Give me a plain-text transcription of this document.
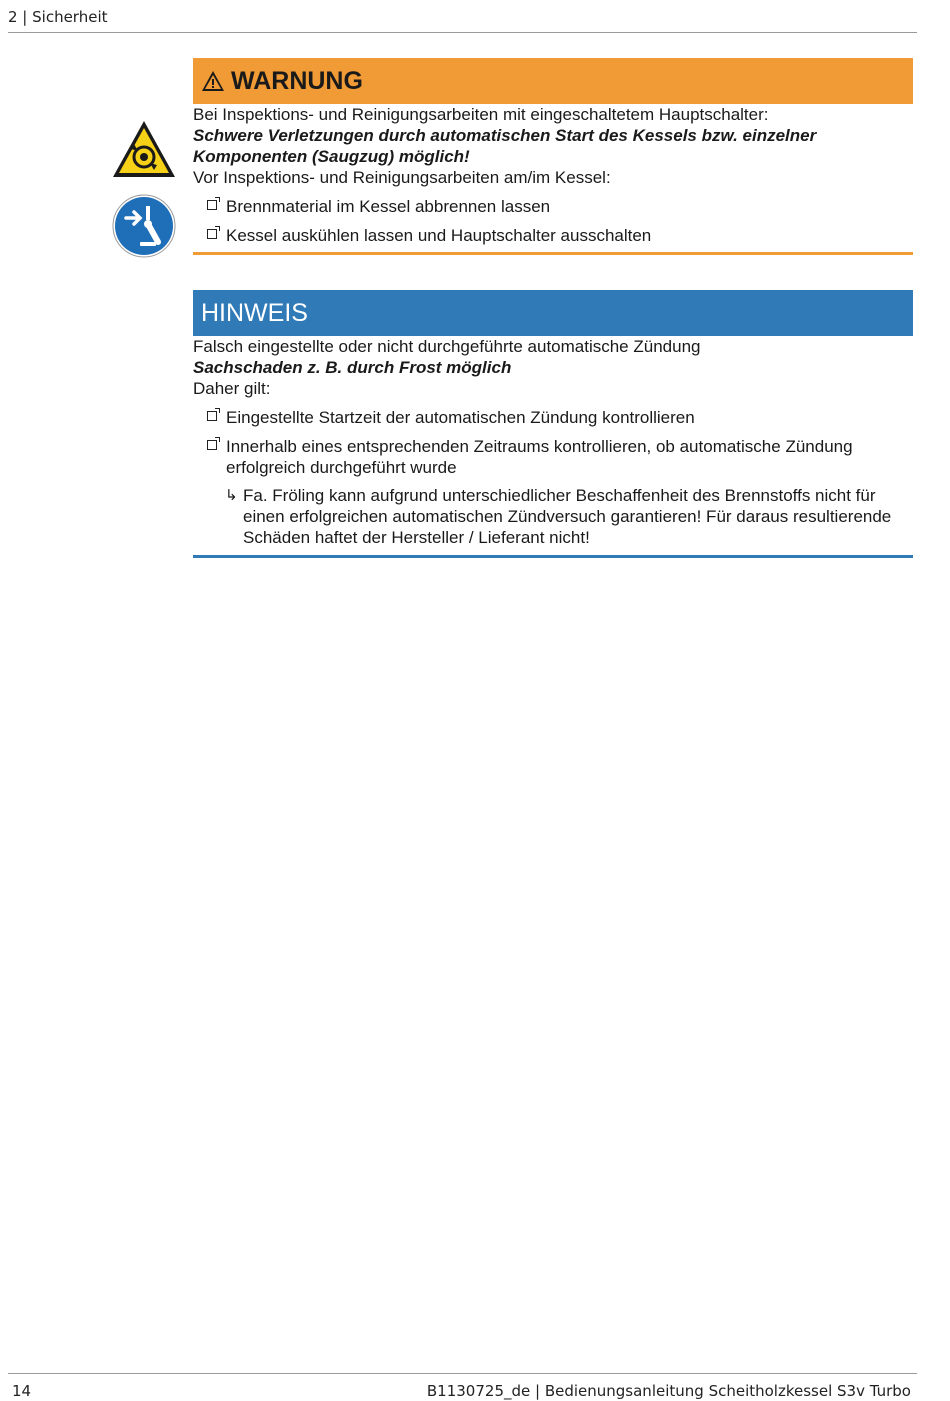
2 | Sicherheit
WARNUNG

Bei Inspektions- und Reinigungsarbeiten mit eingeschaltetem Hauptschalter:

Schwere Verletzungen durch automatischen Start des Kessels bzw. einzelner Komponenten (Saugzug) möglich!

Vor Inspektions- und Reinigungsarbeiten am/im Kessel:

Brennmaterial im Kessel abbrennen lassen
Kessel auskühlen lassen und Hauptschalter ausschalten
HINWEIS

Falsch eingestellte oder nicht durchgeführte automatische Zündung

Sachschaden z. B. durch Frost möglich

Daher gilt:

Eingestellte Startzeit der automatischen Zündung kontrollieren
Innerhalb eines entsprechenden Zeitraums kontrollieren, ob automatische Zündung erfolgreich durchgeführt wurde
↳ Fa. Fröling kann aufgrund unterschiedlicher Beschaffenheit des Brennstoffs nicht für einen erfolgreichen automatischen Zündversuch garantieren! Für daraus resultierende Schäden haftet der Hersteller / Lieferant nicht!
14	B1130725_de | Bedienungsanleitung Scheitholzkessel S3v Turbo
